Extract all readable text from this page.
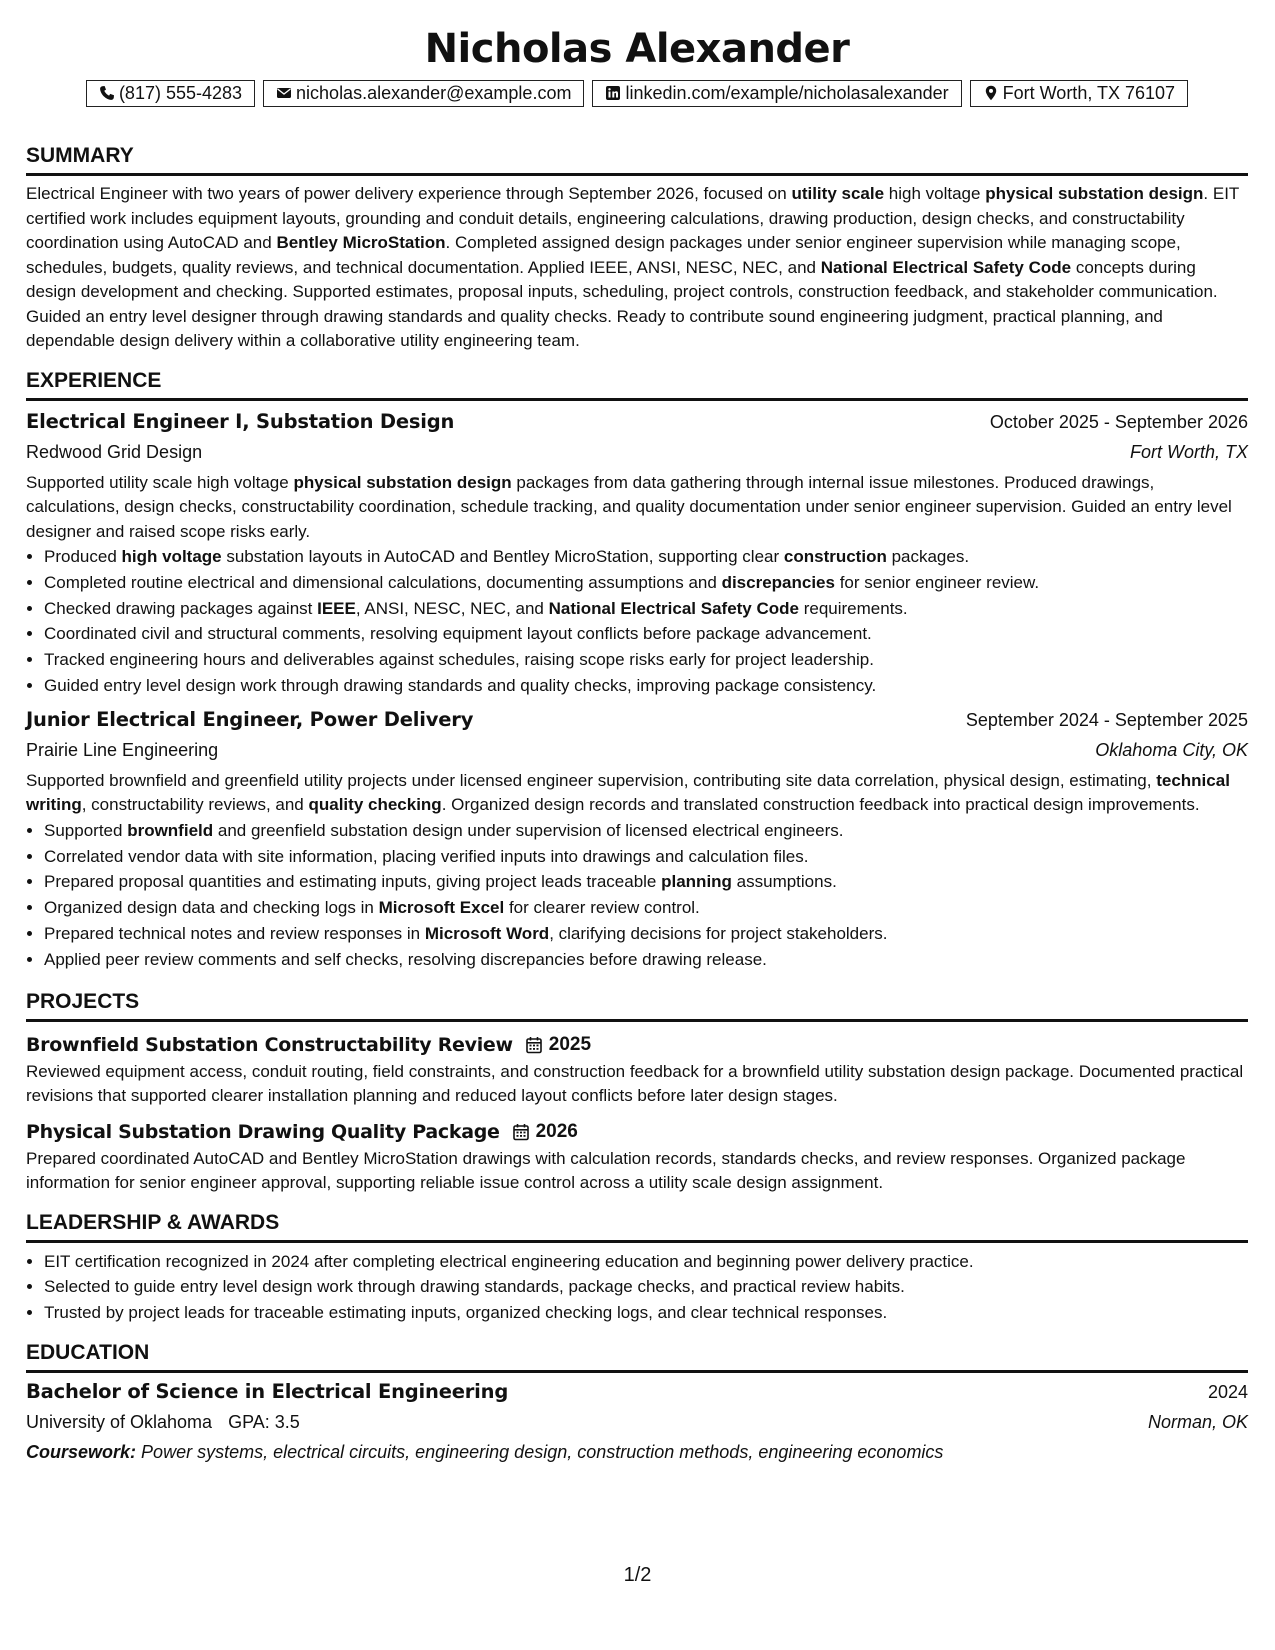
Nicholas Alexander
(817) 555-4283	nicholas.alexander@example.com	linkedin.com/example/nicholasalexander	Fort Worth, TX 76107
SUMMARY

Electrical Engineer with two years of power delivery experience through September 2026, focused on utility scale high voltage physical substation design. EIT certified work includes equipment layouts, grounding and conduit details, engineering calculations, drawing production, design checks, and constructability coordination using AutoCAD and Bentley MicroStation. Completed assigned design packages under senior engineer supervision while managing scope, schedules, budgets, quality reviews, and technical documentation. Applied IEEE, ANSI, NESC, NEC, and National Electrical Safety Code concepts during design development and checking. Supported estimates, proposal inputs, scheduling, project controls, construction feedback, and stakeholder communication. Guided an entry level designer through drawing standards and quality checks. Ready to contribute sound engineering judgment, practical planning, and dependable design delivery within a collaborative utility engineering team.

EXPERIENCE
Electrical Engineer I, Substation Design	October 2025 - September 2026
Redwood Grid Design	Fort Worth, TX

Supported utility scale high voltage physical substation design packages from data gathering through internal issue milestones. Produced drawings, calculations, design checks, constructability coordination, schedule tracking, and quality documentation under senior engineer supervision. Guided an entry level designer and raised scope risks early.

• Produced high voltage substation layouts in AutoCAD and Bentley MicroStation, supporting clear construction packages.
• Completed routine electrical and dimensional calculations, documenting assumptions and discrepancies for senior engineer review.
• Checked drawing packages against IEEE, ANSI, NESC, NEC, and National Electrical Safety Code requirements.
• Coordinated civil and structural comments, resolving equipment layout conflicts before package advancement.
• Tracked engineering hours and deliverables against schedules, raising scope risks early for project leadership.
• Guided entry level design work through drawing standards and quality checks, improving package consistency.
Junior Electrical Engineer, Power Delivery	September 2024 - September 2025
Prairie Line Engineering	Oklahoma City, OK

Supported brownfield and greenfield utility projects under licensed engineer supervision, contributing site data correlation, physical design, estimating, technical writing, constructability reviews, and quality checking. Organized design records and translated construction feedback into practical design improvements.

• Supported brownfield and greenfield substation design under supervision of licensed electrical engineers.
• Correlated vendor data with site information, placing verified inputs into drawings and calculation files.
• Prepared proposal quantities and estimating inputs, giving project leads traceable planning assumptions.
• Organized design data and checking logs in Microsoft Excel for clearer review control.
• Prepared technical notes and review responses in Microsoft Word, clarifying decisions for project stakeholders.
• Applied peer review comments and self checks, resolving discrepancies before drawing release.
PROJECTS
Brownfield Substation Constructability Review 2025

Reviewed equipment access, conduit routing, field constraints, and construction feedback for a brownfield utility substation design package. Documented practical revisions that supported clearer installation planning and reduced layout conflicts before later design stages.

Physical Substation Drawing Quality Package 2026

Prepared coordinated AutoCAD and Bentley MicroStation drawings with calculation records, standards checks, and review responses. Organized package information for senior engineer approval, supporting reliable issue control across a utility scale design assignment.

LEADERSHIP & AWARDS
• EIT certification recognized in 2024 after completing electrical engineering education and beginning power delivery practice.
• Selected to guide entry level design work through drawing standards, package checks, and practical review habits.
• Trusted by project leads for traceable estimating inputs, organized checking logs, and clear technical responses.
EDUCATION
Bachelor of Science in Electrical Engineering	2024
University of Oklahoma GPA: 3.5	Norman, OK
Coursework: Power systems, electrical circuits, engineering design, construction methods, engineering economics
1/2
